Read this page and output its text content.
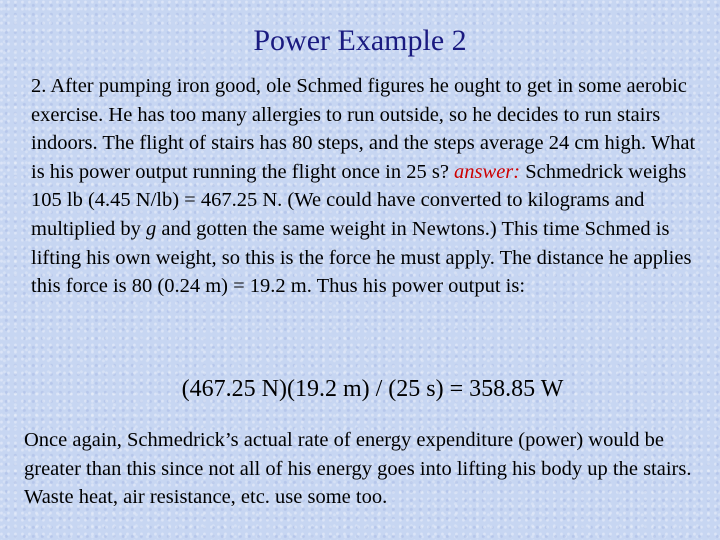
Power Example 2

2. After pumping iron good, ole Schmed figures he ought to get in some aerobic exercise. He has too many allergies to run outside, so he decides to run stairs indoors. The flight of stairs has 80 steps, and the steps average 24 cm high. What is his power output running the flight once in 25 s? answer: Schmedrick weighs 105 lb (4.45 N/lb) = 467.25 N. (We could have converted to kilograms and multiplied by g and gotten the same weight in Newtons.) This time Schmed is lifting his own weight, so this is the force he must apply. The distance he applies this force is 80 (0.24 m) = 19.2 m. Thus his power output is:

(467.25 N)(19.2 m) / (25 s) = 358.85 W

Once again, Schmedrick’s actual rate of energy expenditure (power) would be greater than this since not all of his energy goes into lifting his body up the stairs. Waste heat, air resistance, etc. use some too.
